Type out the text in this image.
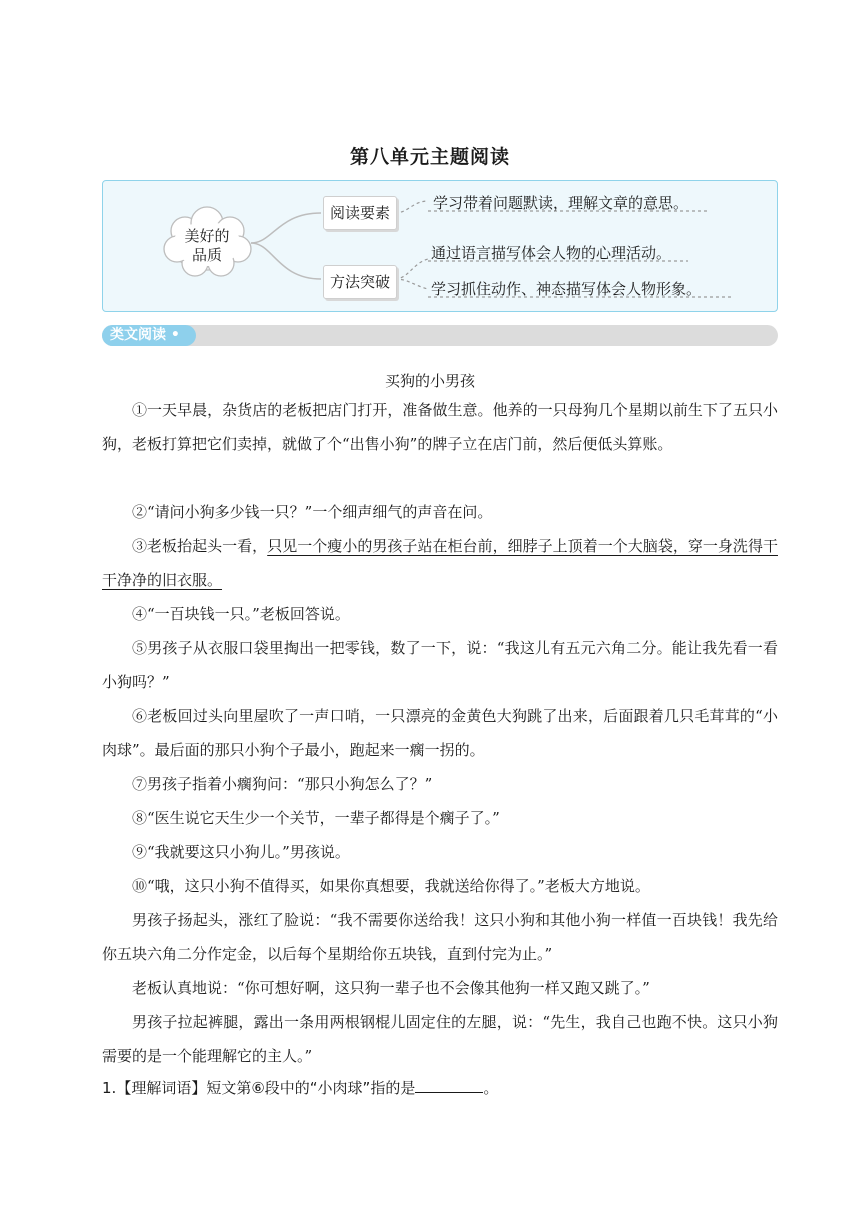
第八单元主题阅读
美好的
品质
阅读要素
方法突破
学习带着问题默读，理解文章的意思。
通过语言描写体会人物的心理活动。
学习抓住动作、神态描写体会人物形象。
类文阅读 •
买狗的小男孩

①一天早晨，杂货店的老板把店门打开，准备做生意。他养的一只母狗几个星期以前生下了五只小狗，老板打算把它们卖掉，就做了个“出售小狗”的牌子立在店门前，然后便低头算账。

②“请问小狗多少钱一只？”一个细声细气的声音在问。

③老板抬起头一看，只见一个瘦小的男孩子站在柜台前，细脖子上顶着一个大脑袋，穿一身洗得干干净净的旧衣服。

④“一百块钱一只。”老板回答说。

⑤男孩子从衣服口袋里掏出一把零钱，数了一下，说：“我这儿有五元六角二分。能让我先看一看小狗吗？”

⑥老板回过头向里屋吹了一声口哨，一只漂亮的金黄色大狗跳了出来，后面跟着几只毛茸茸的“小肉球”。最后面的那只小狗个子最小，跑起来一瘸一拐的。

⑦男孩子指着小瘸狗问：“那只小狗怎么了？”

⑧“医生说它天生少一个关节，一辈子都得是个瘸子了。”

⑨“我就要这只小狗儿。”男孩说。

⑩“哦，这只小狗不值得买，如果你真想要，我就送给你得了。”老板大方地说。

男孩子扬起头，涨红了脸说：“我不需要你送给我！这只小狗和其他小狗一样值一百块钱！我先给你五块六角二分作定金，以后每个星期给你五块钱，直到付完为止。”

老板认真地说：“你可想好啊，这只狗一辈子也不会像其他狗一样又跑又跳了。”

男孩子拉起裤腿，露出一条用两根钢棍儿固定住的左腿，说：“先生，我自己也跑不快。这只小狗需要的是一个能理解它的主人。”

1.【理解词语】短文第⑥段中的“小肉球”指的是	。
